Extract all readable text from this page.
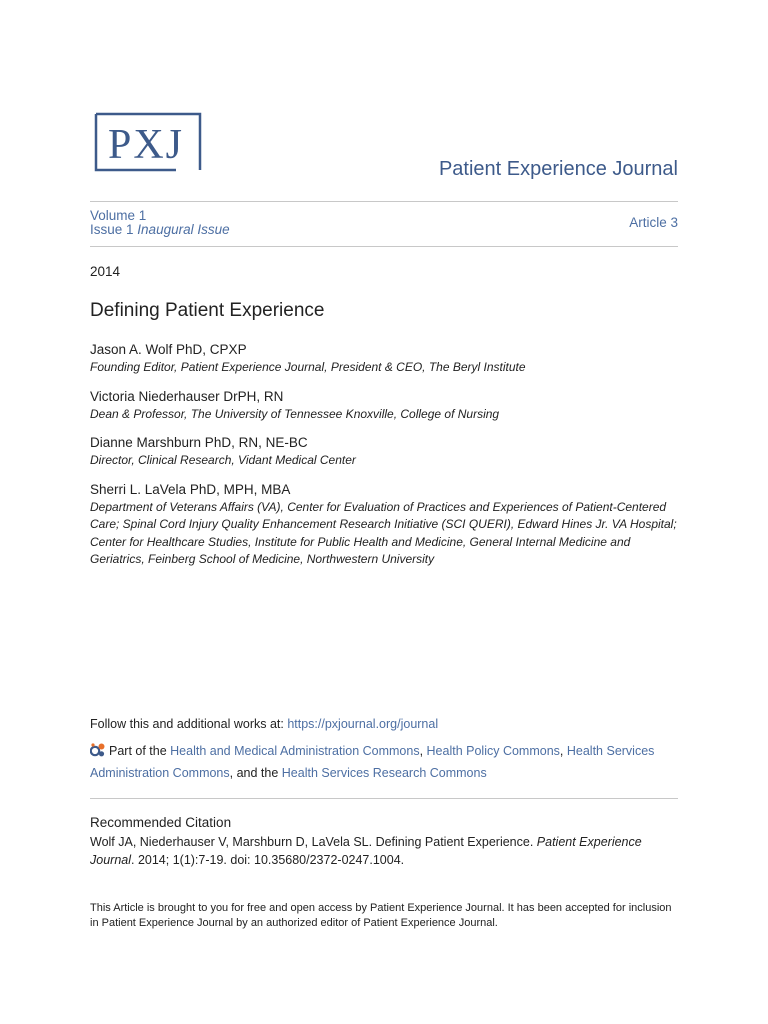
PXJ
Patient Experience Journal
Volume 1
Issue 1 Inaugural Issue	Article 3
2014
Defining Patient Experience
Jason A. Wolf PhD, CPXP
Founding Editor, Patient Experience Journal, President & CEO, The Beryl Institute
Victoria Niederhauser DrPH, RN
Dean & Professor, The University of Tennessee Knoxville, College of Nursing
Dianne Marshburn PhD, RN, NE-BC
Director, Clinical Research, Vidant Medical Center
Sherri L. LaVela PhD, MPH, MBA
Department of Veterans Affairs (VA), Center for Evaluation of Practices and Experiences of Patient-Centered Care; Spinal Cord Injury Quality Enhancement Research Initiative (SCI QUERI), Edward Hines Jr. VA Hospital; Center for Healthcare Studies, Institute for Public Health and Medicine, General Internal Medicine and Geriatrics, Feinberg School of Medicine, Northwestern University
Follow this and additional works at: https://pxjournal.org/journal
Part of the Health and Medical Administration Commons, Health Policy Commons, Health Services Administration Commons, and the Health Services Research Commons
Recommended Citation
Wolf JA, Niederhauser V, Marshburn D, LaVela SL. Defining Patient Experience. Patient Experience Journal. 2014; 1(1):7-19. doi: 10.35680/2372-0247.1004.
This Article is brought to you for free and open access by Patient Experience Journal. It has been accepted for inclusion in Patient Experience Journal by an authorized editor of Patient Experience Journal.
